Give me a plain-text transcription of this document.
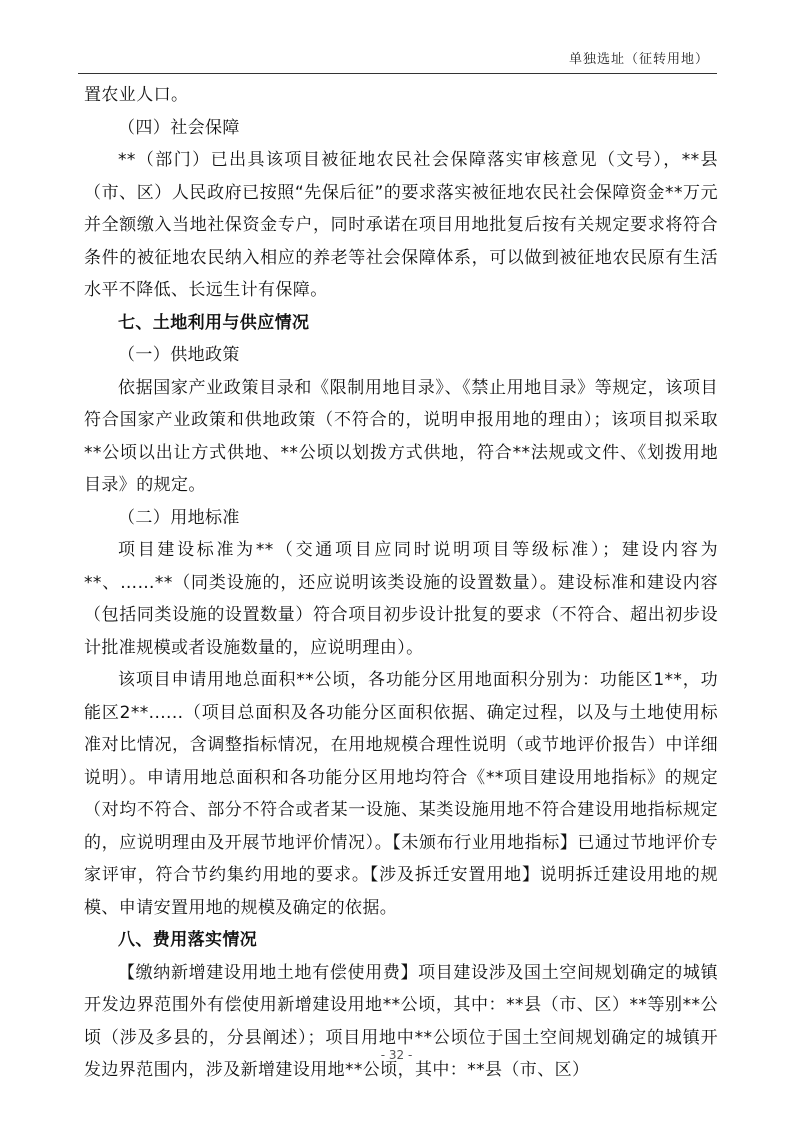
单独选址（征转用地）

置农业人口。

（四）社会保障

**（部门）已出具该项目被征地农民社会保障落实审核意见（文号），**县（市、区）人民政府已按照“先保后征”的要求落实被征地农民社会保障资金**万元并全额缴入当地社保资金专户，同时承诺在项目用地批复后按有关规定要求将符合条件的被征地农民纳入相应的养老等社会保障体系，可以做到被征地农民原有生活水平不降低、长远生计有保障。

七、土地利用与供应情况

（一）供地政策

依据国家产业政策目录和《限制用地目录》、《禁止用地目录》等规定，该项目符合国家产业政策和供地政策（不符合的，说明申报用地的理由）；该项目拟采取**公顷以出让方式供地、**公顷以划拨方式供地，符合**法规或文件、《划拨用地目录》的规定。

（二）用地标准

项目建设标准为**（交通项目应同时说明项目等级标准）；建设内容为**、……**（同类设施的，还应说明该类设施的设置数量）。建设标准和建设内容（包括同类设施的设置数量）符合项目初步设计批复的要求（不符合、超出初步设计批准规模或者设施数量的，应说明理由）。

该项目申请用地总面积**公顷，各功能分区用地面积分别为：功能区1**，功能区2**......（项目总面积及各功能分区面积依据、确定过程，以及与土地使用标准对比情况，含调整指标情况，在用地规模合理性说明（或节地评价报告）中详细说明）。申请用地总面积和各功能分区用地均符合《**项目建设用地指标》的规定（对均不符合、部分不符合或者某一设施、某类设施用地不符合建设用地指标规定的，应说明理由及开展节地评价情况）。【未颁布行业用地指标】已通过节地评价专家评审，符合节约集约用地的要求。【涉及拆迁安置用地】说明拆迁建设用地的规模、申请安置用地的规模及确定的依据。

八、费用落实情况

【缴纳新增建设用地土地有偿使用费】项目建设涉及国土空间规划确定的城镇开发边界范围外有偿使用新增建设用地**公顷，其中：**县（市、区）**等别**公顷（涉及多县的，分县阐述）；项目用地中**公顷位于国土空间规划确定的城镇开发边界范围内，涉及新增建设用地**公顷，其中：**县（市、区）

- 32 -
